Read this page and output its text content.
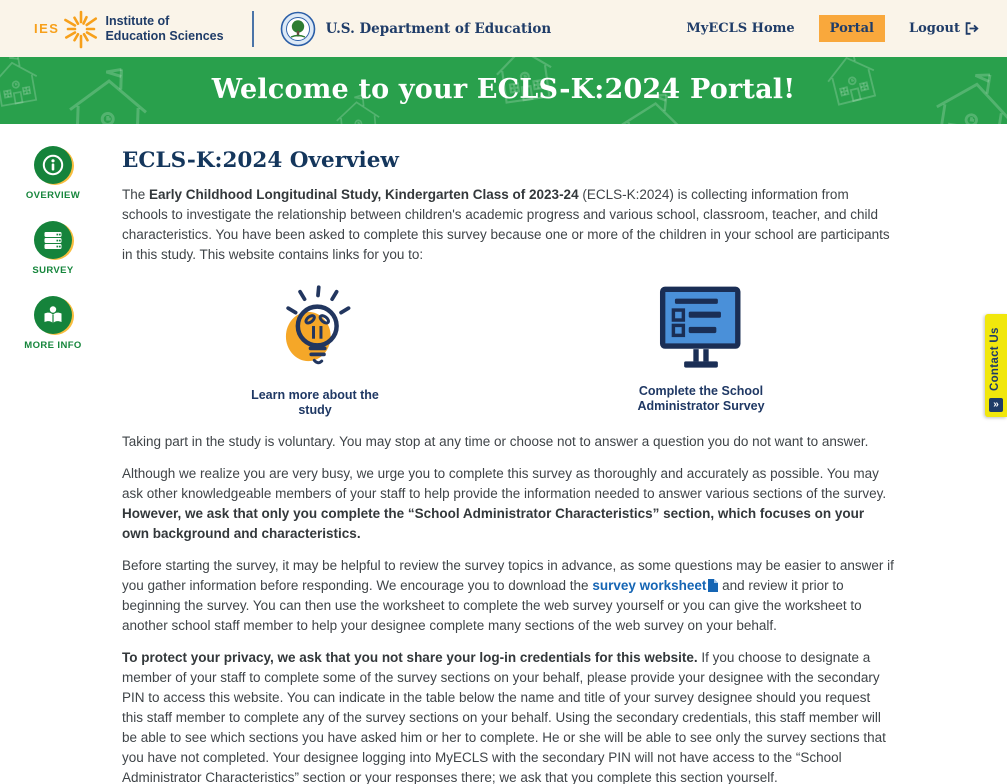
IES
Institute of
Education Sciences	U.S. Department of Education	MyECLS Home	Portal	Logout
Welcome to your ECLS-K:2024 Portal!
OVERVIEW
SURVEY
MORE INFO
ECLS-K:2024 Overview

The Early Childhood Longitudinal Study, Kindergarten Class of 2023-24 (ECLS-K:2024) is collecting information from schools to investigate the relationship between children's academic progress and various school, classroom, teacher, and child characteristics. You have been asked to complete this survey because one or more of the children in your school are participants in this study. This website contains links for you to:

Learn more about the study
Complete the School Administrator Survey

Taking part in the study is voluntary. You may stop at any time or choose not to answer a question you do not want to answer.

Although we realize you are very busy, we urge you to complete this survey as thoroughly and accurately as possible. You may ask other knowledgeable members of your staff to help provide the information needed to answer various sections of the survey. However, we ask that only you complete the “School Administrator Characteristics” section, which focuses on your own background and characteristics.

Before starting the survey, it may be helpful to review the survey topics in advance, as some questions may be easier to answer if you gather information before responding. We encourage you to download the survey worksheet and review it prior to beginning the survey. You can then use the worksheet to complete the web survey yourself or you can give the worksheet to another school staff member to help your designee complete many sections of the web survey on your behalf.

To protect your privacy, we ask that you not share your log-in credentials for this website. If you choose to designate a member of your staff to complete some of the survey sections on your behalf, please provide your designee with the secondary PIN to access this website. You can indicate in the table below the name and title of your survey designee should you request this staff member to complete any of the survey sections on your behalf. Using the secondary credentials, this staff member will be able to see which sections you have asked him or her to complete. He or she will be able to see only the survey sections that you have not completed. Your designee logging into MyECLS with the secondary PIN will not have access to the “School Administrator Characteristics” section or your responses there; we ask that you complete this section yourself.

Contact Us
»
